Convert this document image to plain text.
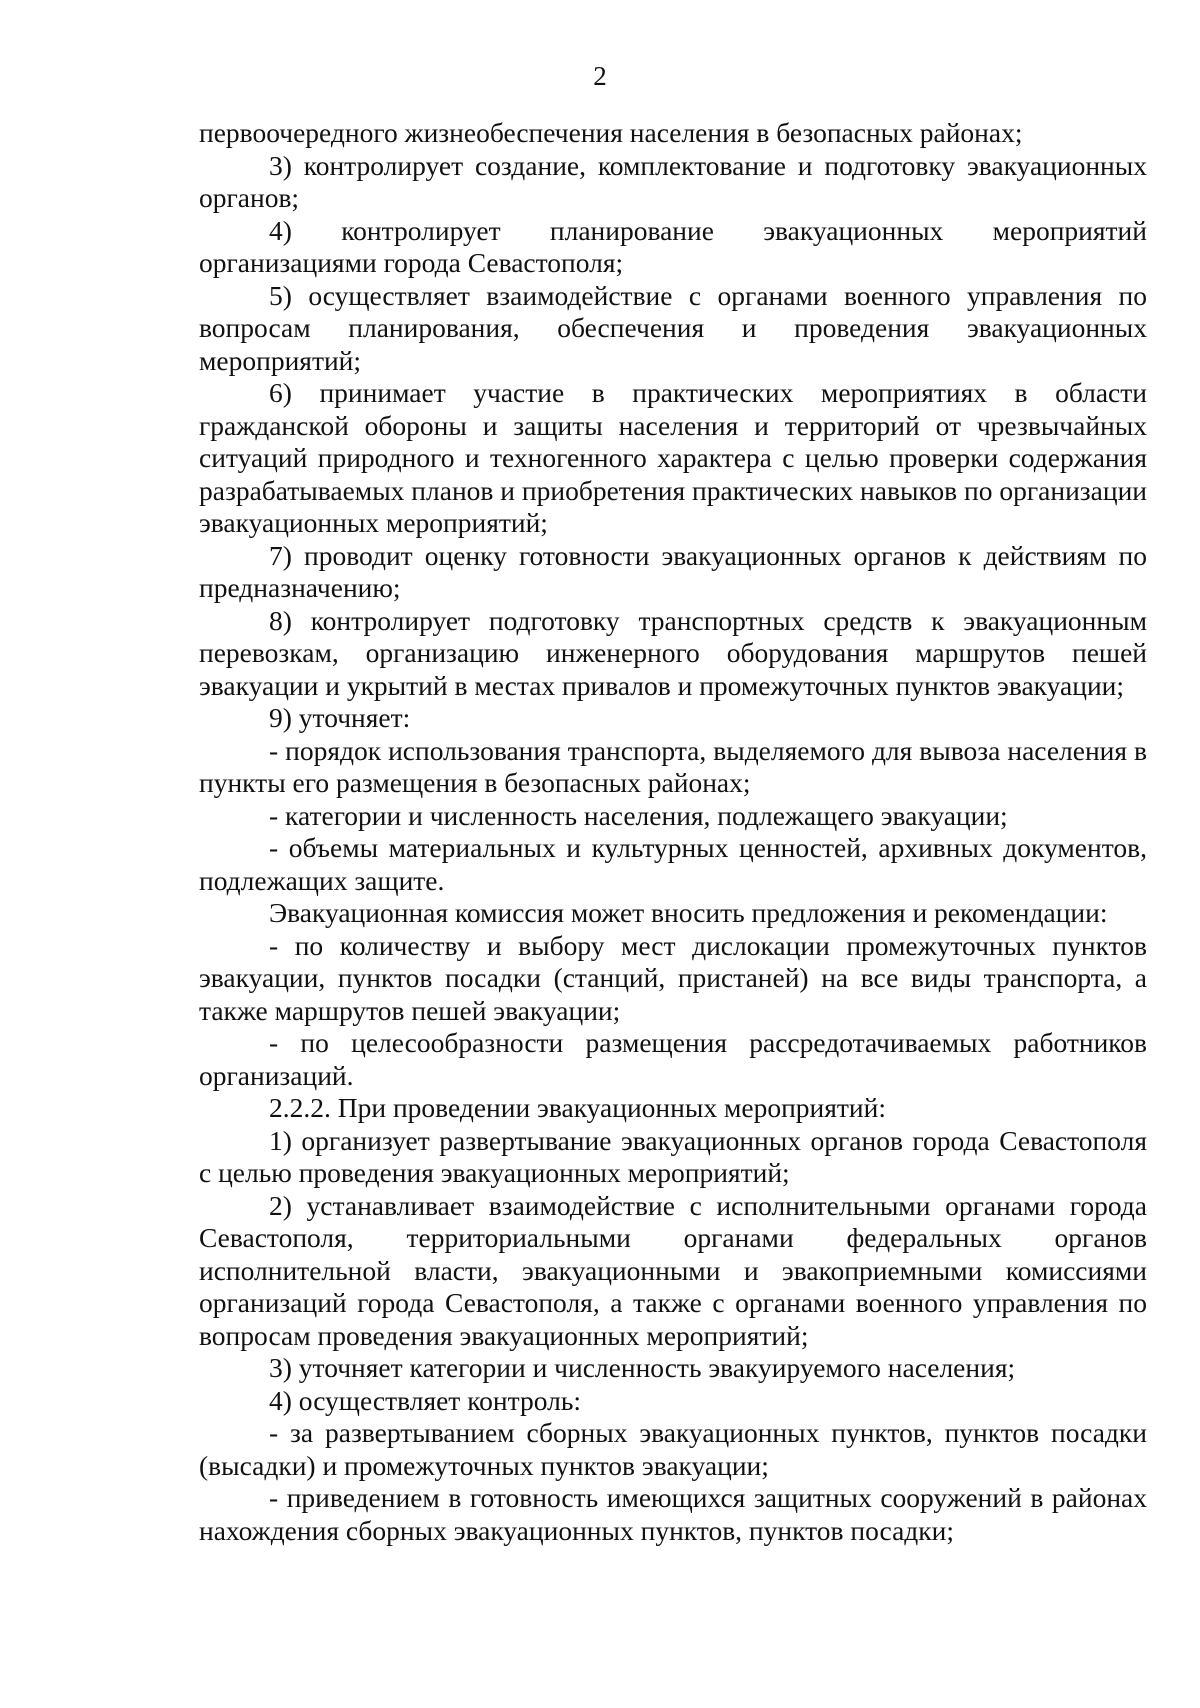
2

первоочередного жизнеобеспечения населения в безопасных районах;

3) контролирует создание, комплектование и подготовку эвакуационных органов;

4) контролирует планирование эвакуационных мероприятий организациями города Севастополя;

5) осуществляет взаимодействие с органами военного управления по вопросам планирования, обеспечения и проведения эвакуационных мероприятий;

6) принимает участие в практических мероприятиях в области гражданской обороны и защиты населения и территорий от чрезвычайных ситуаций природного и техногенного характера с целью проверки содержания разрабатываемых планов и приобретения практических навыков по организации эвакуационных мероприятий;

7) проводит оценку готовности эвакуационных органов к действиям по предназначению;

8) контролирует подготовку транспортных средств к эвакуационным перевозкам, организацию инженерного оборудования маршрутов пешей эвакуации и укрытий в местах привалов и промежуточных пунктов эвакуации;

9) уточняет:

- порядок использования транспорта, выделяемого для вывоза населения в пункты его размещения в безопасных районах;

- категории и численность населения, подлежащего эвакуации;

- объемы материальных и культурных ценностей, архивных документов, подлежащих защите.

Эвакуационная комиссия может вносить предложения и рекомендации:

- по количеству и выбору мест дислокации промежуточных пунктов эвакуации, пунктов посадки (станций, пристаней) на все виды транспорта, а также маршрутов пешей эвакуации;

- по целесообразности размещения рассредотачиваемых работников организаций.

2.2.2. При проведении эвакуационных мероприятий:

1) организует развертывание эвакуационных органов города Севастополя с целью проведения эвакуационных мероприятий;

2) устанавливает взаимодействие с исполнительными органами города Севастополя, территориальными органами федеральных органов исполнительной власти, эвакуационными и эвакоприемными комиссиями организаций города Севастополя, а также с органами военного управления по вопросам проведения эвакуационных мероприятий;

3) уточняет категории и численность эвакуируемого населения;

4) осуществляет контроль:

- за развертыванием сборных эвакуационных пунктов, пунктов посадки (высадки) и промежуточных пунктов эвакуации;

- приведением в готовность имеющихся защитных сооружений в районах нахождения сборных эвакуационных пунктов, пунктов посадки;
